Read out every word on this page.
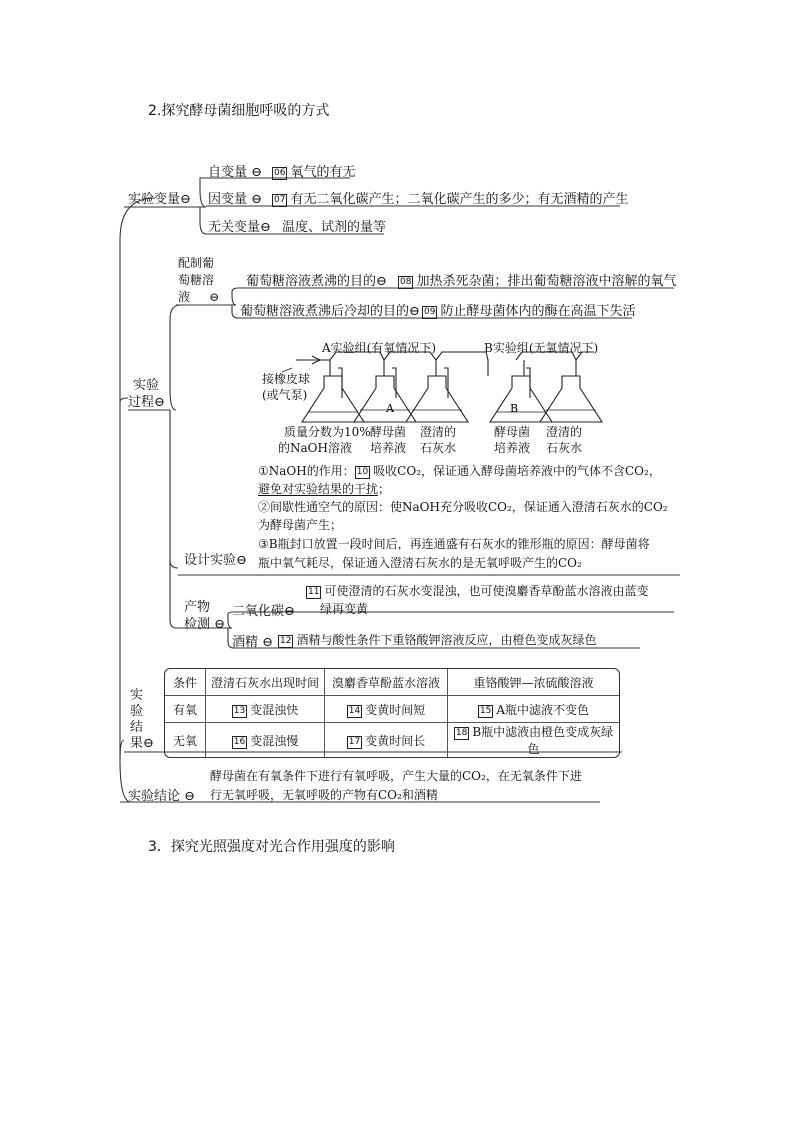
A	B
2.探究酵母菌细胞呼吸的方式
实验变量⊖
自变量 ⊖ 06 氧气的有无
因变量 ⊖ 07 有无二氧化碳产生；二氧化碳产生的多少；有无酒精的产生
无关变量⊖ 温度、试剂的量等
实验
过程⊖
配制葡
萄糖溶
液 ⊖
葡萄糖溶液煮沸的目的⊖ 08 加热杀死杂菌；排出葡萄糖溶液中溶解的氧气
葡萄糖溶液煮沸后冷却的目的⊖ 09 防止酵母菌体内的酶在高温下失活
A实验组(有氧情况下)	B实验组(无氧情况下)
接橡皮球
(或气泵)
质量分数为10%
的NaOH溶液
酵母菌
培养液
澄清的
石灰水
酵母菌
培养液
澄清的
石灰水
①NaOH的作用： 10 吸收CO₂，保证通入酵母菌培养液中的气体不含CO₂，
避免对实验结果的干扰；
②间歇性通空气的原因：使NaOH充分吸收CO₂，保证通入澄清石灰水的CO₂
为酵母菌产生；
③B瓶封口放置一段时间后，再连通盛有石灰水的锥形瓶的原因：酵母菌将
瓶中氧气耗尽，保证通入澄清石灰水的是无氧呼吸产生的CO₂
设计实验⊖
产物
检测 ⊖
二氧化碳⊖
11 可使澄清的石灰水变混浊，也可使溴麝香草酚蓝水溶液由蓝变
绿再变黄
酒精 ⊖ 12 酒精与酸性条件下重铬酸钾溶液反应，由橙色变成灰绿色
实
验
结
果⊖
条件	澄清石灰水出现时间	溴麝香草酚蓝水溶液	重铬酸钾—浓硫酸溶液
有氧	13 变混浊快	14 变黄时间短	15 A瓶中滤液不变色
无氧	16 变混浊慢	17 变黄时间长	18 B瓶中滤液由橙色变成灰绿色
实验结论 ⊖
酵母菌在有氧条件下进行有氧呼吸，产生大量的CO₂，在无氧条件下进
行无氧呼吸，无氧呼吸的产物有CO₂和酒精
3．探究光照强度对光合作用强度的影响
